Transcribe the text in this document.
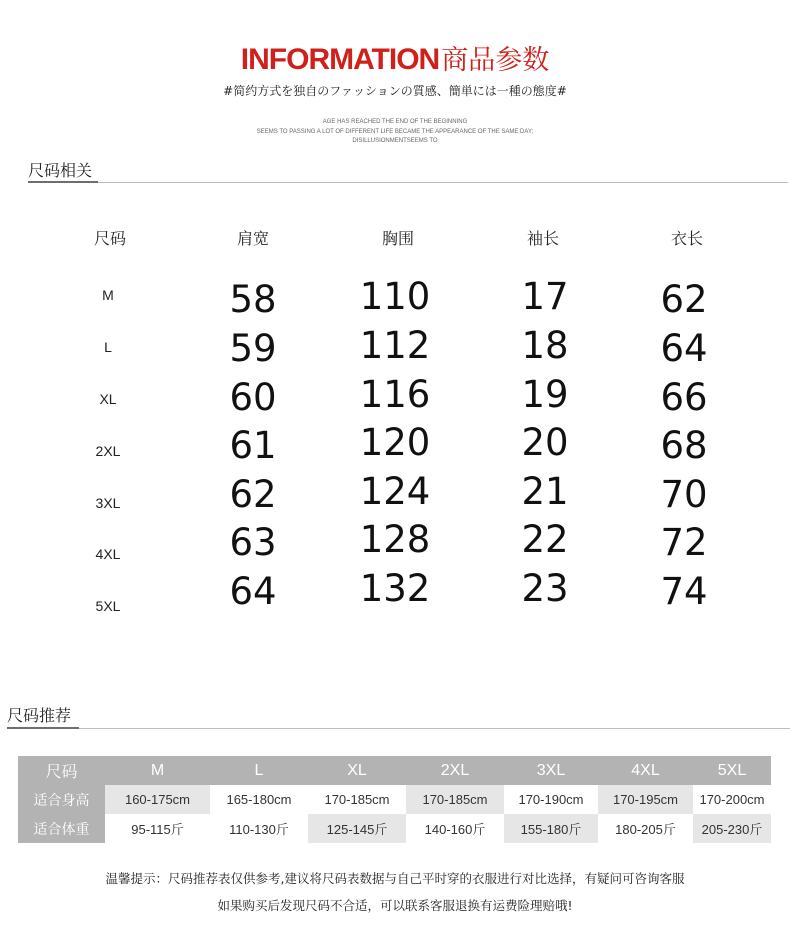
INFORMATION商品参数
#简约方式を独自のファッションの質感、簡単には一種の態度#
AGE HAS REACHED THE END OF THE BEGINNING
SEEMS TO PASSING A LOT OF DIFFERENT LIFE BECAME THE APPEARANCE OF THE SAME DAY;
DISILLUSIONMENTSEEMS TO
尺码相关
尺码	肩宽	胸围	袖长	衣长
M	58	110	17	62
L	59	112	18	64
XL	60	116	19	66
2XL	61	120	20	68
3XL	62	124	21	70
4XL	63	128	22	72
5XL	64	132	23	74
尺码推荐
尺码	M	L	XL	2XL	3XL	4XL	5XL
适合身高	160-175cm	165-180cm	170-185cm	170-185cm	170-190cm	170-195cm	170-200cm
适合体重	95-115斤	110-130斤	125-145斤	140-160斤	155-180斤	180-205斤	205-230斤
温馨提示：尺码推荐表仅供参考,建议将尺码表数据与自己平时穿的衣服进行对比选择，有疑问可咨询客服
如果购买后发现尺码不合适，可以联系客服退换有运费险理赔哦!
